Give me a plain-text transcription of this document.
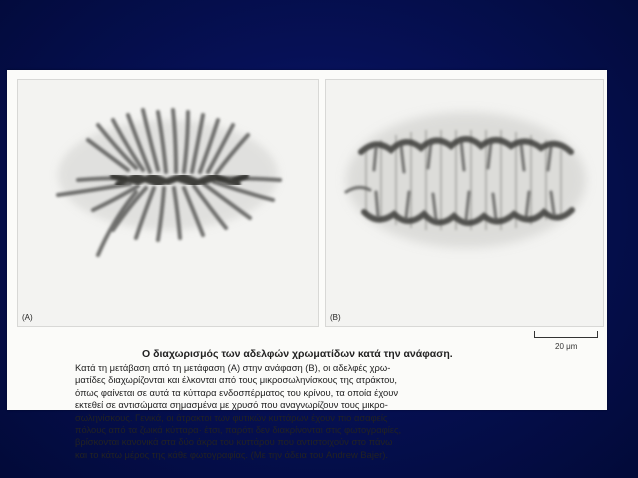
(A)	(B)
20 μm
Ο διαχωρισμός των αδελφών χρωματίδων κατά την ανάφαση.
Κατά τη μετάβαση από τη μετάφαση (Α) στην ανάφαση (Β), οι αδελφές χρω-
ματίδες διαχωρίζονται και έλκονται από τους μικροσωληνίσκους της ατράκτου,
όπως φαίνεται σε αυτά τα κύτταρα ενδοσπέρματος του κρίνου, τα οποία έχουν
εκτεθεί σε αντισώματα σημασμένα με χρυσό που αναγνωρίζουν τους μικρο-
σωληνίσκους. Γενικά, οι άτρακτοι των φυτικών κυττάρων έχουν πιο ασαφείς
πόλους από τα ζωικά κύτταρα· έτσι, παρότι δεν διακρίνονται στις φωτογραφίες,
βρίσκονται κανονικά στα δύο άκρα του κυττάρου που αντιστοιχούν στο πάνω
και το κάτω μέρος της κάθε φωτογραφίας. (Με την άδεια του Andrew Bajer).
